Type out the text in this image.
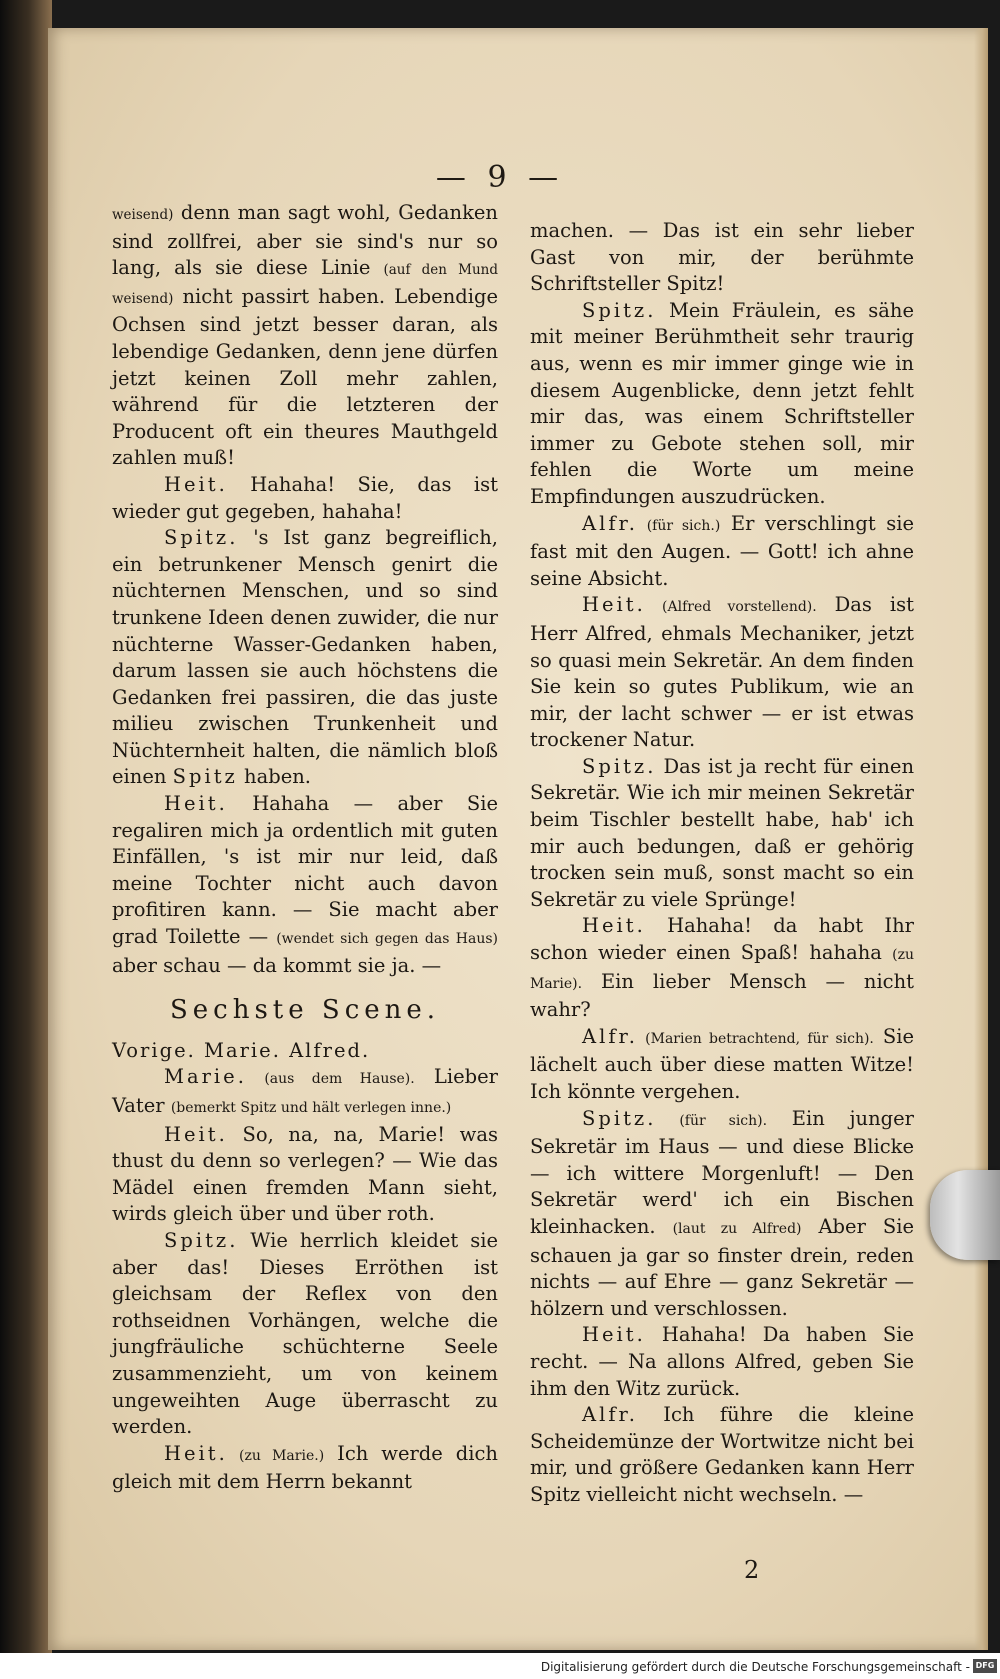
— 9 —

weisend) denn man sagt wohl, Gedanken sind zollfrei, aber sie sind's nur so lang, als sie diese Linie (auf den Mund weisend) nicht passirt haben. Lebendige Ochsen sind jetzt besser daran, als lebendige Gedanken, denn jene dürfen jetzt keinen Zoll mehr zahlen, während für die letzteren der Producent oft ein theures Mauthgeld zahlen muß!

Heit. Hahaha! Sie, das ist wieder gut gegeben, hahaha!

Spitz. 's Ist ganz begreiflich, ein betrunkener Mensch genirt die nüchternen Menschen, und so sind trunkene Ideen denen zuwider, die nur nüchterne Wasser-Gedanken haben, darum lassen sie auch höchstens die Gedanken frei passiren, die das juste milieu zwischen Trunkenheit und Nüchternheit halten, die nämlich bloß einen Spitz haben.

Heit. Hahaha — aber Sie regaliren mich ja ordentlich mit guten Einfällen, 's ist mir nur leid, daß meine Tochter nicht auch davon profitiren kann. — Sie macht aber grad Toilette — (wendet sich gegen das Haus) aber schau — da kommt sie ja. —

Sechste Scene.

Vorige. Marie. Alfred.

Marie. (aus dem Hause). Lieber Vater (bemerkt Spitz und hält verlegen inne.)

Heit. So, na, na, Marie! was thust du denn so verlegen? — Wie das Mädel einen fremden Mann sieht, wirds gleich über und über roth.

Spitz. Wie herrlich kleidet sie aber das! Dieses Erröthen ist gleichsam der Reflex von den rothseidnen Vorhängen, welche die jungfräuliche schüchterne Seele zusammenzieht, um von keinem ungeweihten Auge überrascht zu werden.

Heit. (zu Marie.) Ich werde dich gleich mit dem Herrn bekannt

machen. — Das ist ein sehr lieber Gast von mir, der berühmte Schriftsteller Spitz!

Spitz. Mein Fräulein, es sähe mit meiner Berühmtheit sehr traurig aus, wenn es mir immer ginge wie in diesem Augenblicke, denn jetzt fehlt mir das, was einem Schriftsteller immer zu Gebote stehen soll, mir fehlen die Worte um meine Empfindungen auszudrücken.

Alfr. (für sich.) Er verschlingt sie fast mit den Augen. — Gott! ich ahne seine Absicht.

Heit. (Alfred vorstellend). Das ist Herr Alfred, ehmals Mechaniker, jetzt so quasi mein Sekretär. An dem finden Sie kein so gutes Publikum, wie an mir, der lacht schwer — er ist etwas trockener Natur.

Spitz. Das ist ja recht für einen Sekretär. Wie ich mir meinen Sekretär beim Tischler bestellt habe, hab' ich mir auch bedungen, daß er gehörig trocken sein muß, sonst macht so ein Sekretär zu viele Sprünge!

Heit. Hahaha! da habt Ihr schon wieder einen Spaß! hahaha (zu Marie). Ein lieber Mensch — nicht wahr?

Alfr. (Marien betrachtend, für sich). Sie lächelt auch über diese matten Witze! Ich könnte vergehen.

Spitz. (für sich). Ein junger Sekretär im Haus — und diese Blicke — ich wittere Morgenluft! — Den Sekretär werd' ich ein Bischen kleinhacken. (laut zu Alfred) Aber Sie schauen ja gar so finster drein, reden nichts — auf Ehre — ganz Sekretär — hölzern und verschlossen.

Heit. Hahaha! Da haben Sie recht. — Na allons Alfred, geben Sie ihm den Witz zurück.

Alfr. Ich führe die kleine Scheidemünze der Wortwitze nicht bei mir, und größere Gedanken kann Herr Spitz vielleicht nicht wechseln. —

2
Digitalisierung gefördert durch die Deutsche Forschungsgemeinschaft - DFG
